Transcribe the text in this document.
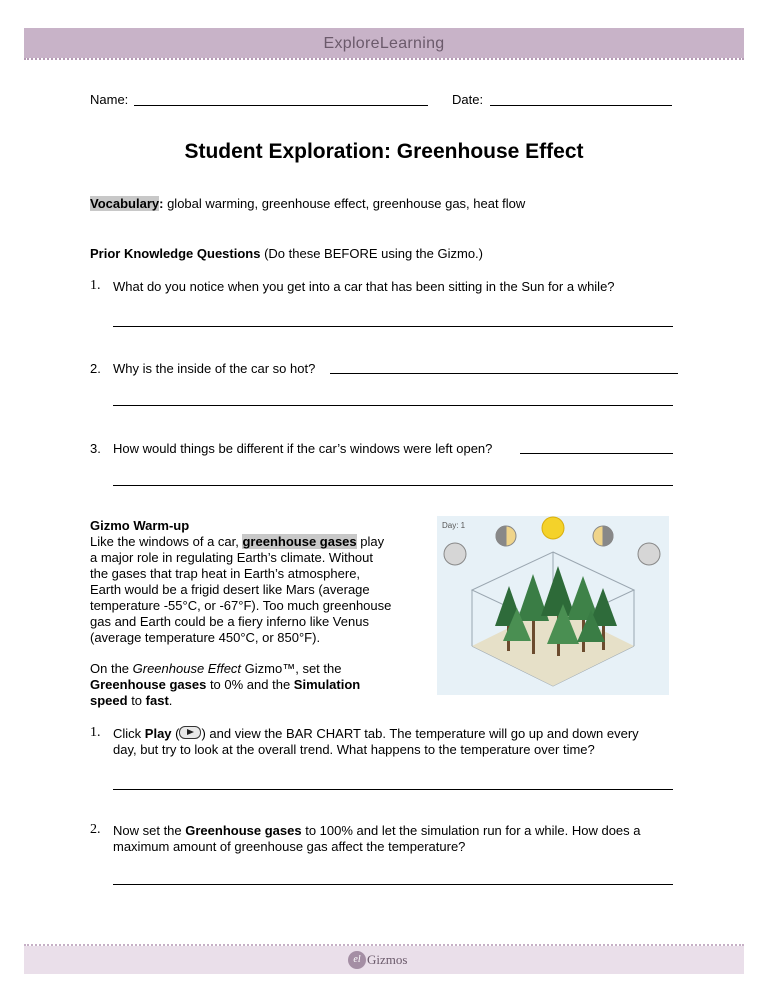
ExploreLearning
Name:	Date:
Student Exploration: Greenhouse Effect
Vocabulary: global warming, greenhouse effect, greenhouse gas, heat flow
Prior Knowledge Questions (Do these BEFORE using the Gizmo.)
1. What do you notice when you get into a car that has been sitting in the Sun for a while?
2. Why is the inside of the car so hot?
3. How would things be different if the car’s windows were left open?
Gizmo Warm-up
Like the windows of a car, greenhouse gases play
a major role in regulating Earth’s climate. Without
the gases that trap heat in Earth’s atmosphere,
Earth would be a frigid desert like Mars (average
temperature -55°C, or -67°F). Too much greenhouse
gas and Earth could be a fiery inferno like Venus
(average temperature 450°C, or 850°F).
On the Greenhouse Effect Gizmo™, set the
Greenhouse gases to 0% and the Simulation
speed to fast.
Day: 1
1. Click Play ( ) and view the BAR CHART tab. The temperature will go up and down every
day, but try to look at the overall trend. What happens to the temperature over time?
2. Now set the Greenhouse gases to 100% and let the simulation run for a while. How does a
maximum amount of greenhouse gas affect the temperature?
el Gizmos
